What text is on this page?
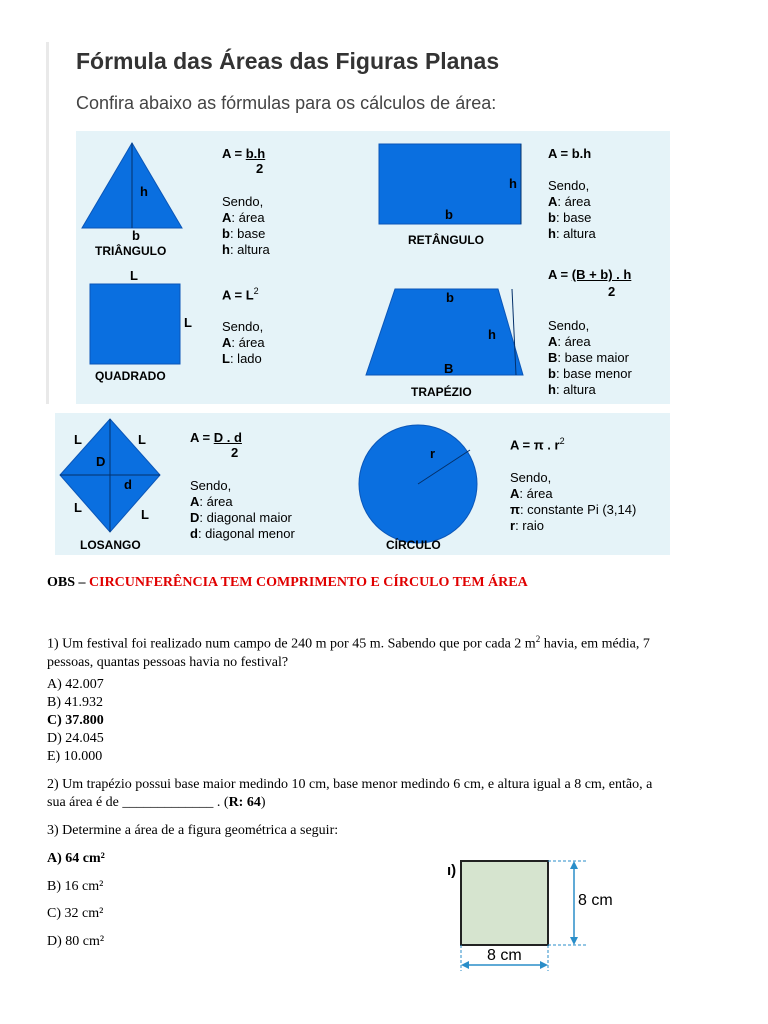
Fórmula das Áreas das Figuras Planas
Confira abaixo as fórmulas para os cálculos de área:
h
b
TRIÂNGULO
A = b.h
2
Sendo,
A: área
b: base
h: altura
h
b
RETÂNGULO
A = b.h
Sendo,
A: área
b: base
h: altura
L
L
QUADRADO
$A = L^2$
Sendo,
A: área
L: lado
b
h
B
TRAPÉZIO
A = (B + b) . h
2
Sendo,
A: área
B: base maior
b: base menor
h: altura
L	L
L	L
D
d
LOSANGO
A = D . d
2
Sendo,
A: área
D: diagonal maior
d: diagonal menor
r
CÍRCULO
A = π . $r^2$
Sendo,
A: área
π: constante Pi (3,14)
r: raio
OBS – CIRCUNFERÊNCIA TEM COMPRIMENTO E CÍRCULO TEM ÁREA
1) Um festival foi realizado num campo de 240 m por 45 m. Sabendo que por cada 2 $m^2$ havia, em média, 7
pessoas, quantas pessoas havia no festival?
A) 42.007
B) 41.932
C) 37.800
D) 24.045
E) 10.000
2) Um trapézio possui base maior medindo 10 cm, base menor medindo 6 cm, e altura igual a 8 cm, então, a
sua área é de _____________ . (R: 64)
3) Determine a área de a figura geométrica a seguir:
A) 64 cm²
B) 16 cm²
C) 32 cm²
D) 80 cm²
ı)
8 cm
8 cm
